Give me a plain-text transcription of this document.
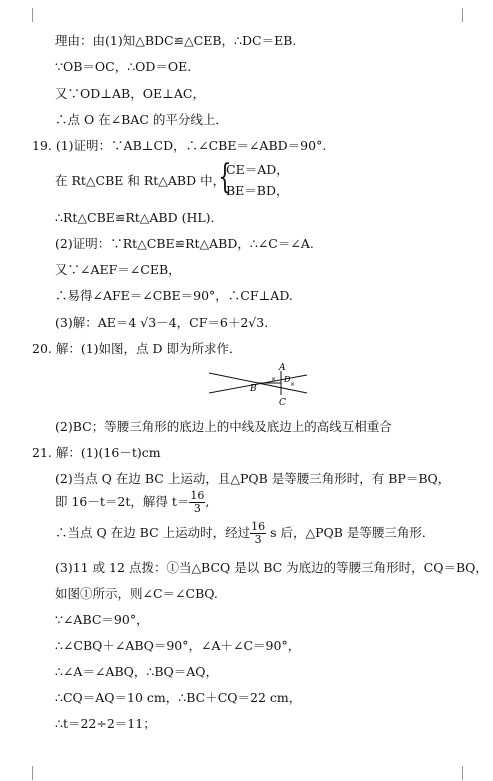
理由：由(1)知△BDC≌△CEB，∴DC＝EB.
∵OB＝OC，∴OD＝OE.
又∵OD⊥AB，OE⊥AC，
∴点 O 在∠BAC 的平分线上．
19. (1)证明：∵AB⊥CD，∴∠CBE＝∠ABD＝90°.
在 Rt△CBE 和 Rt△ABD 中，
{
CE＝AD，
BE＝BD，
∴Rt△CBE≌Rt△ABD (HL)．
(2)证明：∵Rt△CBE≌Rt△ABD，∴∠C＝∠A.
又∵∠AEF＝∠CEB，
∴易得∠AFE＝∠CBE＝90°，∴CF⊥AD.
(3)解：AE＝4 √3－4，CF＝6＋2√3.
20. 解：(1)如图，点 D 即为所求作．
A
B
C
D
×
×
(2)BC；等腰三角形的底边上的中线及底边上的高线互相重合
21. 解：(1)(16－t)cm
(2)当点 Q 在边 BC 上运动，且△PQB 是等腰三角形时，有 BP＝BQ，
即 16－t＝2t，解得 $t= \frac{16}{3}$ ,
∴当点 Q 在边 BC 上运动时，经过 $\frac{16}{3}$ s 后，△PQB 是等腰三角形．
(3)11 或 12 点拨：①当△BCQ 是以 BC 为底边的等腰三角形时，CQ＝BQ，
如图①所示，则∠C＝∠CBQ.
∵∠ABC＝90°，
∴∠CBQ＋∠ABQ＝90°，∠A＋∠C＝90°，
∴∠A＝∠ABQ，∴BQ＝AQ，
∴CQ＝AQ＝10 cm，∴BC＋CQ＝22 cm，
∴t＝22÷2＝11；
